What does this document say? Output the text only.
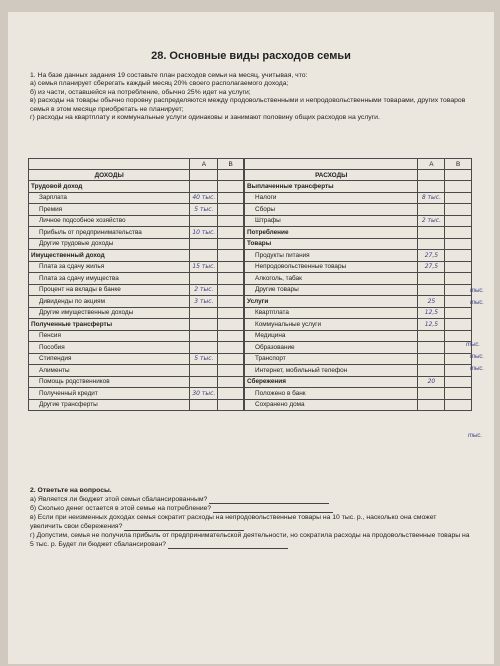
28. Основные виды расходов семьи

1. На базе данных задания 19 составьте план расходов семьи на месяц, учитывая, что:

а) семья планирует сберегать каждый месяц 20% своего располагаемого дохода;

б) из части, оставшейся на потребление, обычно 25% идет на услуги;

в) расходы на товары обычно поровну распределяются между продовольственными и непродовольственными товарами, других товаров семья в этом месяце приобретать не планирует;

г) расходы на квартплату и коммунальные услуги одинаковы и занимают половину общих расходов на услуги.

	А	В
ДОХОДЫ		
Трудовой доход		
Зарплата	40 тыс.	
Премия	5 тыс.	
Личное подсобное хозяйство		
Прибыль от предпринимательства	10 тыс.	
Другие трудовые доходы		
Имущественный доход		
Плата за сдачу жилья	15 тыс.	
Плата за сдачу имущества		
Процент на вклады в банке	2 тыс.	
Дивиденды по акциям	3 тыс.	
Другие имущественные доходы		
Полученные трансферты		
Пенсия		
Пособия		
Стипендия	5 тыс.	
Алименты		
Помощь родственников		
Полученный кредит	30 тыс.	
Другие трансферты		
	А	В
РАСХОДЫ		
Выплаченные трансферты		
Налоги	8 тыс.	
Сборы		
Штрафы	2 тыс.	
Потребление		
Товары		
Продукты питания	27,5	
Непродовольственные товары	27,5	
Алкоголь, табак		
Другие товары		
Услуги	25	
Квартплата	12,5	
Коммунальные услуги	12,5	
Медицина		
Образование		
Транспорт		
Интернет, мобильный телефон		
Сбережения	20	
Положено в банк		
Сохранено дома		
тыс.
тыс.
тыс.
тыс.
тыс.
тыс.

2. Ответьте на вопросы.

а) Является ли бюджет этой семьи сбалансированным?

б) Сколько денег остается в этой семье на потребление?

в) Если при неизменных доходах семья сократит расходы на непродовольственные товары на 10 тыс. р., насколько она сможет увеличить свои сбережения?

г) Допустим, семья не получила прибыль от предпринимательской деятельности, но сократила расходы на продовольственные товары на 5 тыс. р. Будет ли бюджет сбалансирован?
